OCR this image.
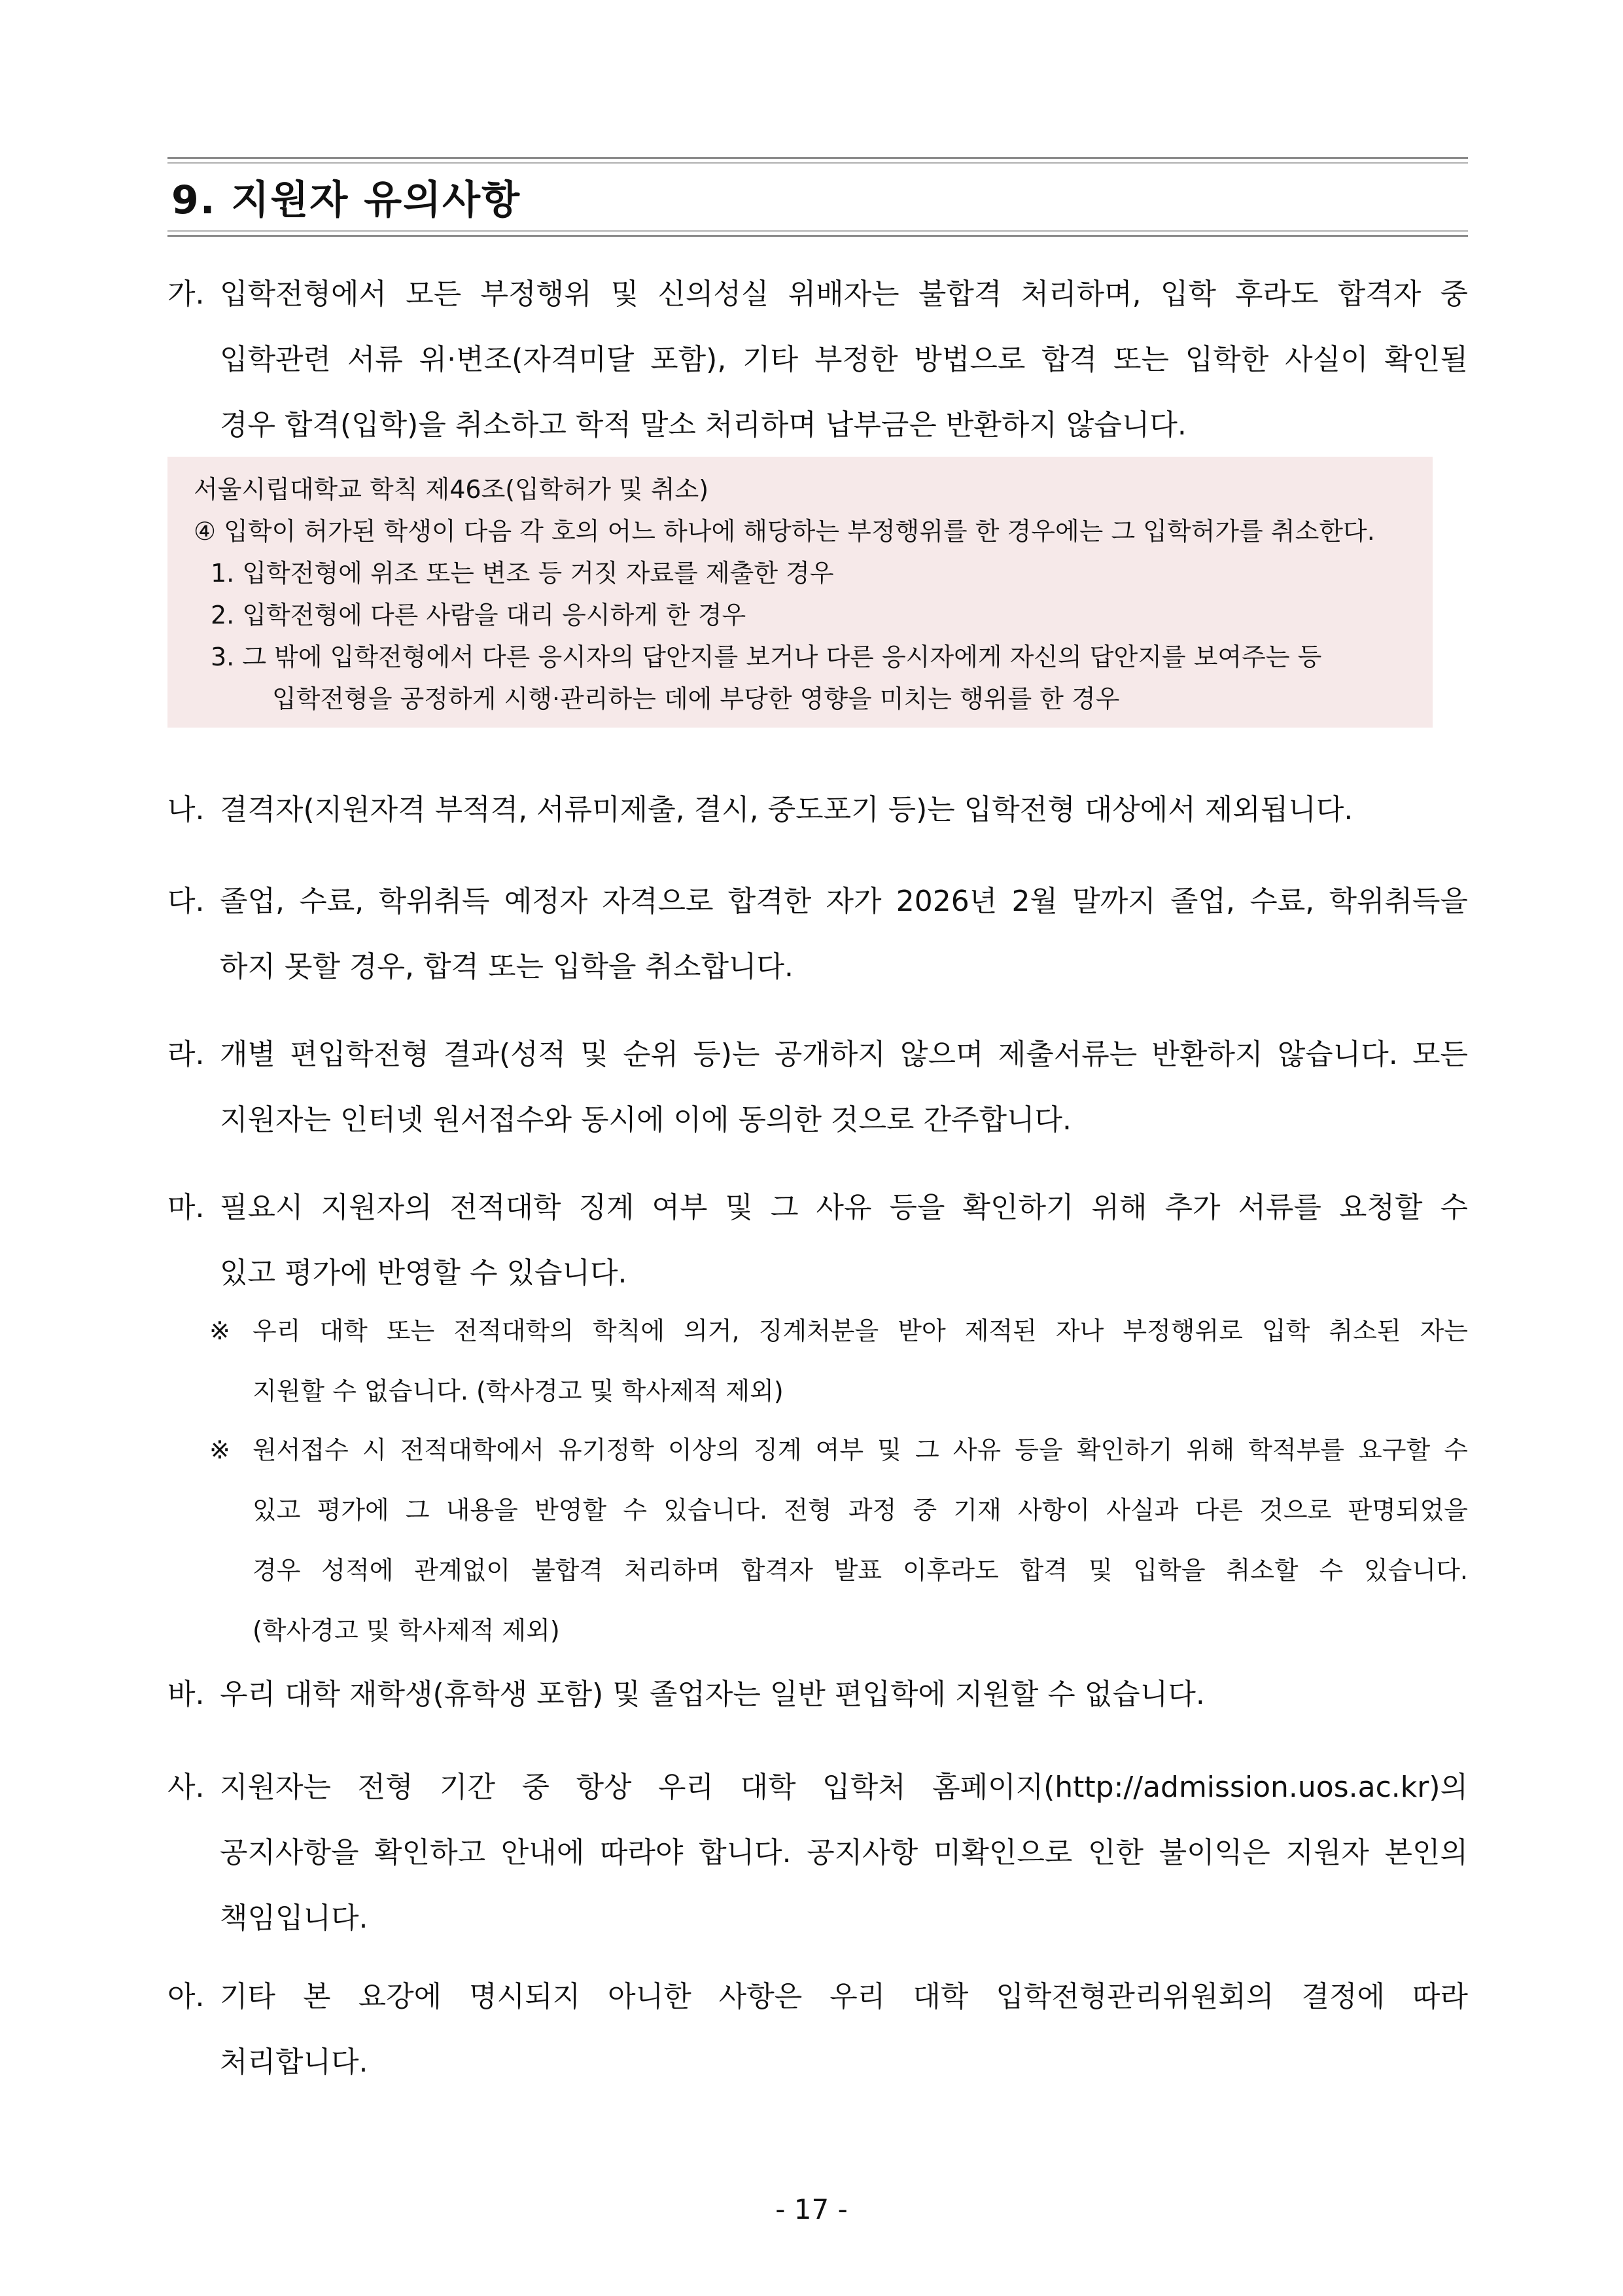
9. 지원자 유의사항
가. 입학전형에서 모든 부정행위 및 신의성실 위배자는 불합격 처리하며, 입학 후라도 합격자 중
입학관련 서류 위·변조(자격미달 포함), 기타 부정한 방법으로 합격 또는 입학한 사실이 확인될
경우 합격(입학)을 취소하고 학적 말소 처리하며 납부금은 반환하지 않습니다.
서울시립대학교 학칙 제46조(입학허가 및 취소)
④ 입학이 허가된 학생이 다음 각 호의 어느 하나에 해당하는 부정행위를 한 경우에는 그 입학허가를 취소한다.
1. 입학전형에 위조 또는 변조 등 거짓 자료를 제출한 경우
2. 입학전형에 다른 사람을 대리 응시하게 한 경우
3. 그 밖에 입학전형에서 다른 응시자의 답안지를 보거나 다른 응시자에게 자신의 답안지를 보여주는 등
입학전형을 공정하게 시행·관리하는 데에 부당한 영향을 미치는 행위를 한 경우
나. 결격자(지원자격 부적격, 서류미제출, 결시, 중도포기 등)는 입학전형 대상에서 제외됩니다.
다. 졸업, 수료, 학위취득 예정자 자격으로 합격한 자가 2026년 2월 말까지 졸업, 수료, 학위취득을
하지 못할 경우, 합격 또는 입학을 취소합니다.
라. 개별 편입학전형 결과(성적 및 순위 등)는 공개하지 않으며 제출서류는 반환하지 않습니다. 모든
지원자는 인터넷 원서접수와 동시에 이에 동의한 것으로 간주합니다.
마. 필요시 지원자의 전적대학 징계 여부 및 그 사유 등을 확인하기 위해 추가 서류를 요청할 수
있고 평가에 반영할 수 있습니다.
※ 우리 대학 또는 전적대학의 학칙에 의거, 징계처분을 받아 제적된 자나 부정행위로 입학 취소된 자는
지원할 수 없습니다. (학사경고 및 학사제적 제외)
※ 원서접수 시 전적대학에서 유기정학 이상의 징계 여부 및 그 사유 등을 확인하기 위해 학적부를 요구할 수
있고 평가에 그 내용을 반영할 수 있습니다. 전형 과정 중 기재 사항이 사실과 다른 것으로 판명되었을
경우 성적에 관계없이 불합격 처리하며 합격자 발표 이후라도 합격 및 입학을 취소할 수 있습니다.
(학사경고 및 학사제적 제외)
바. 우리 대학 재학생(휴학생 포함) 및 졸업자는 일반 편입학에 지원할 수 없습니다.
사. 지원자는 전형 기간 중 항상 우리 대학 입학처 홈페이지(http://admission.uos.ac.kr)의
공지사항을 확인하고 안내에 따라야 합니다. 공지사항 미확인으로 인한 불이익은 지원자 본인의
책임입니다.
아. 기타 본 요강에 명시되지 아니한 사항은 우리 대학 입학전형관리위원회의 결정에 따라
처리합니다.
- 17 -
